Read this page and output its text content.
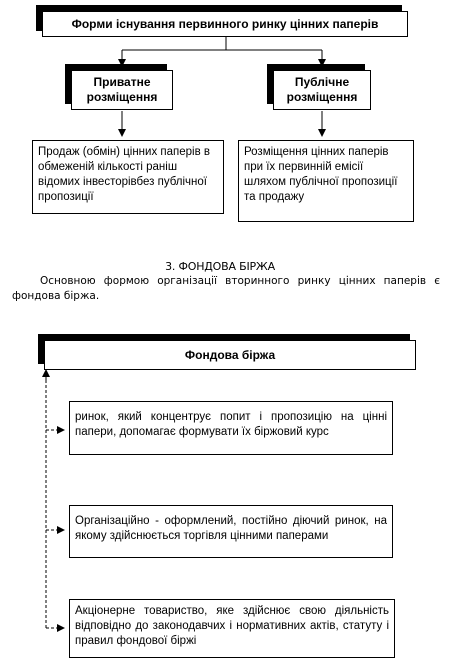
Форми існування первинного ринку цінних паперів
Приватне розміщення
Публічне розміщення
Продаж (обмін) цінних паперів в обмеженій кількості раніш відомих інвесторівбез публічної пропозиції
Розміщення цінних паперів при їх первинній емісії шляхом публічної пропозиції та продажу
3. ФОНДОВА БІРЖА
Основною формою організації вторинного ринку цінних паперів є фондова біржа.
Фондова біржа
ринок, який концентрує попит і пропозицію на цінні папери, допомагає формувати їх біржовий курс
Організаційно - оформлений, постійно діючий ринок, на якому здійснюється торгівля цінними паперами
Акціонерне товариство, яке здійснює свою діяльність відповідно до законодавчих і нормативних актів, статуту і правил фондової біржі
